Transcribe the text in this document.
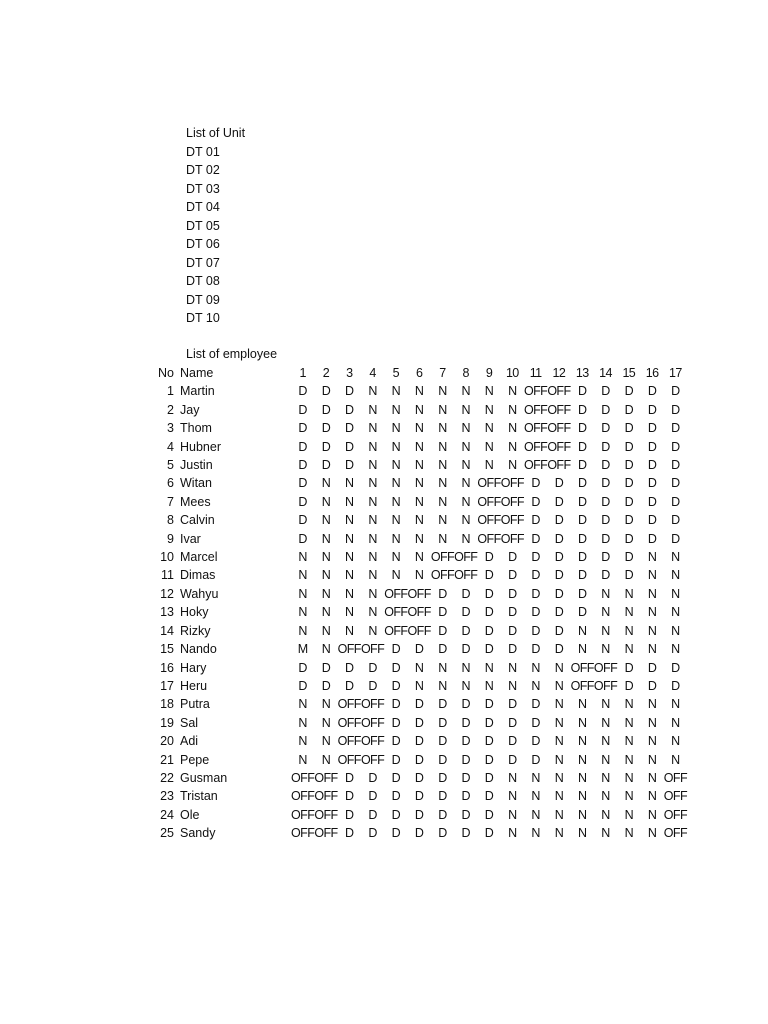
List of Unit
DT 01
DT 02
DT 03
DT 04
DT 05
DT 06
DT 07
DT 08
DT 09
DT 10
List of employee
No	Name	1	2	3	4	5	6	7	8	9	10	11	12	13	14	15	16	17
1	Martin	D	D	D	N	N	N	N	N	N	N	OFF	OFF	D	D	D	D	D
2	Jay	D	D	D	N	N	N	N	N	N	N	OFF	OFF	D	D	D	D	D
3	Thom	D	D	D	N	N	N	N	N	N	N	OFF	OFF	D	D	D	D	D
4	Hubner	D	D	D	N	N	N	N	N	N	N	OFF	OFF	D	D	D	D	D
5	Justin	D	D	D	N	N	N	N	N	N	N	OFF	OFF	D	D	D	D	D
6	Witan	D	N	N	N	N	N	N	N	OFF	OFF	D	D	D	D	D	D	D
7	Mees	D	N	N	N	N	N	N	N	OFF	OFF	D	D	D	D	D	D	D
8	Calvin	D	N	N	N	N	N	N	N	OFF	OFF	D	D	D	D	D	D	D
9	Ivar	D	N	N	N	N	N	N	N	OFF	OFF	D	D	D	D	D	D	D
10	Marcel	N	N	N	N	N	N	OFF	OFF	D	D	D	D	D	D	D	N	N
11	Dimas	N	N	N	N	N	N	OFF	OFF	D	D	D	D	D	D	D	N	N
12	Wahyu	N	N	N	N	OFF	OFF	D	D	D	D	D	D	D	N	N	N	N
13	Hoky	N	N	N	N	OFF	OFF	D	D	D	D	D	D	D	N	N	N	N
14	Rizky	N	N	N	N	OFF	OFF	D	D	D	D	D	D	N	N	N	N	N
15	Nando	M	N	OFF	OFF	D	D	D	D	D	D	D	D	N	N	N	N	N
16	Hary	D	D	D	D	D	N	N	N	N	N	N	N	OFF	OFF	D	D	D
17	Heru	D	D	D	D	D	N	N	N	N	N	N	N	OFF	OFF	D	D	D
18	Putra	N	N	OFF	OFF	D	D	D	D	D	D	D	N	N	N	N	N	N
19	Sal	N	N	OFF	OFF	D	D	D	D	D	D	D	N	N	N	N	N	N
20	Adi	N	N	OFF	OFF	D	D	D	D	D	D	D	N	N	N	N	N	N
21	Pepe	N	N	OFF	OFF	D	D	D	D	D	D	D	N	N	N	N	N	N
22	Gusman	OFF	OFF	D	D	D	D	D	D	D	N	N	N	N	N	N	N	OFF
23	Tristan	OFF	OFF	D	D	D	D	D	D	D	N	N	N	N	N	N	N	OFF
24	Ole	OFF	OFF	D	D	D	D	D	D	D	N	N	N	N	N	N	N	OFF
25	Sandy	OFF	OFF	D	D	D	D	D	D	D	N	N	N	N	N	N	N	OFF
